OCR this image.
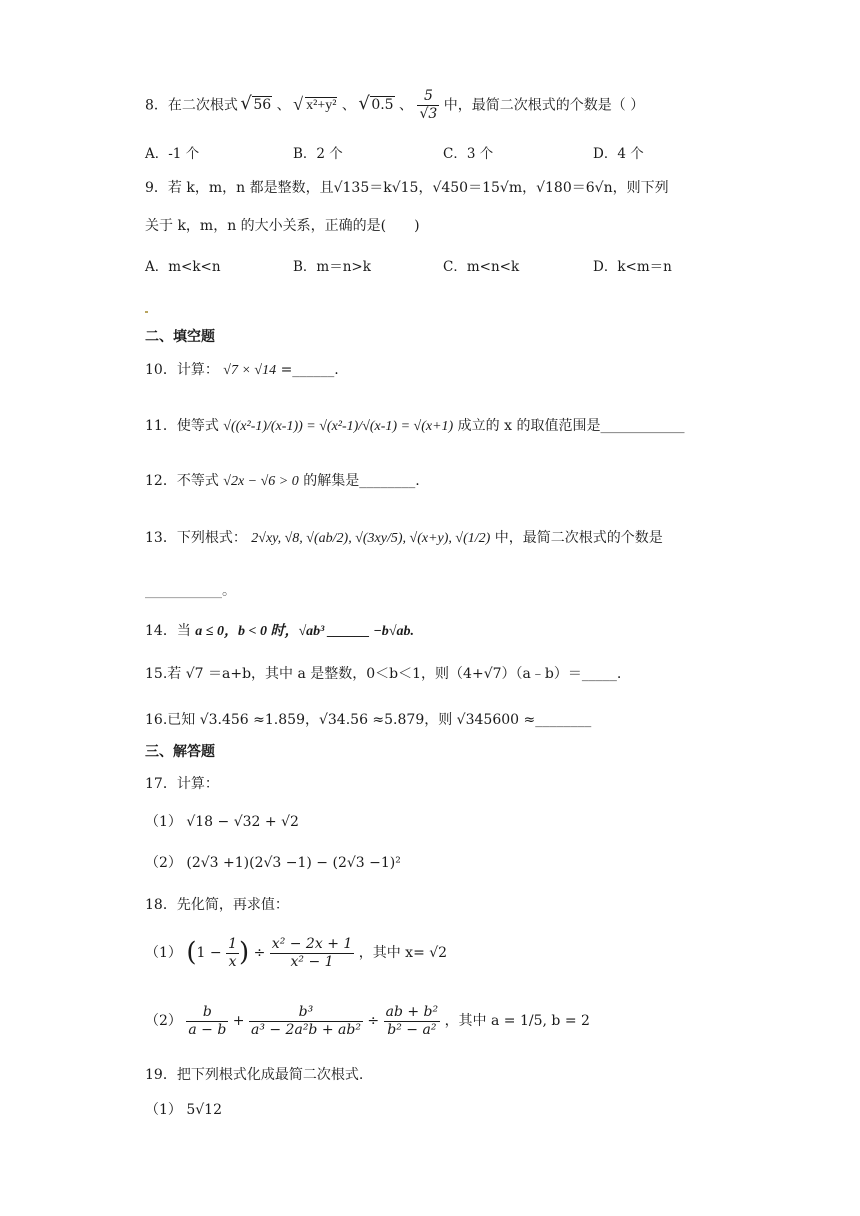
8．在二次根式 √ 56 、 √ x²+y² 、 √ 0.5 、 $\frac{5}{√3}$ 中，最简二次根式的个数是（ ）
A．-1 个	B．2 个	C．3 个	D．4 个
9．若 k，m，n 都是整数，且√135＝k√15，√450＝15√m，√180＝6√n，则下列
关于 k，m，n 的大小关系，正确的是(　　)
A．m<k<n	B．m＝n>k	C．m<n<k	D．k<m＝n
二、填空题
10．计算： √7 × √14 =______.
11．使等式 √((x²-1)/(x-1)) = √(x²-1)/√(x-1) = √(x+1) 成立的 x 的取值范围是____________
12．不等式 √2x − √6 > 0 的解集是________.
13．下列根式： 2√xy, √8, √(ab/2), √(3xy/5), √(x+y), √(1/2) 中，最简二次根式的个数是
___________。
14．当 a ≤ 0，b < 0 时，√ab³ ______ −b√ab.
15.若 √7 ＝a+b，其中 a 是整数，0＜b＜1，则（4+√7）（a﹣b）＝_____.
16.已知 √3.456 ≈1.859，√34.56 ≈5.879，则 √345600 ≈________
三、解答题
17．计算：
（1） √18 − √32 + √2
（2） (2√3 +1)(2√3 −1) − (2√3 −1)²
18．先化简，再求值：
（1） ($1 - \frac{1}{x}$ ) ÷ $\frac{\text{x² − 2x + 1}}{\text{x² − 1}}$ ，其中 x= √2
$(2) \frac{b}{a - b} + \frac{\text{b³}}{\text{a³ − 2a²b + ab²}} \div \frac{\text{ab + b²}}{\text{b² − a²}}$ ，其中 a = 1/5, b = 2
19．把下列根式化成最简二次根式.
（1） 5√12
